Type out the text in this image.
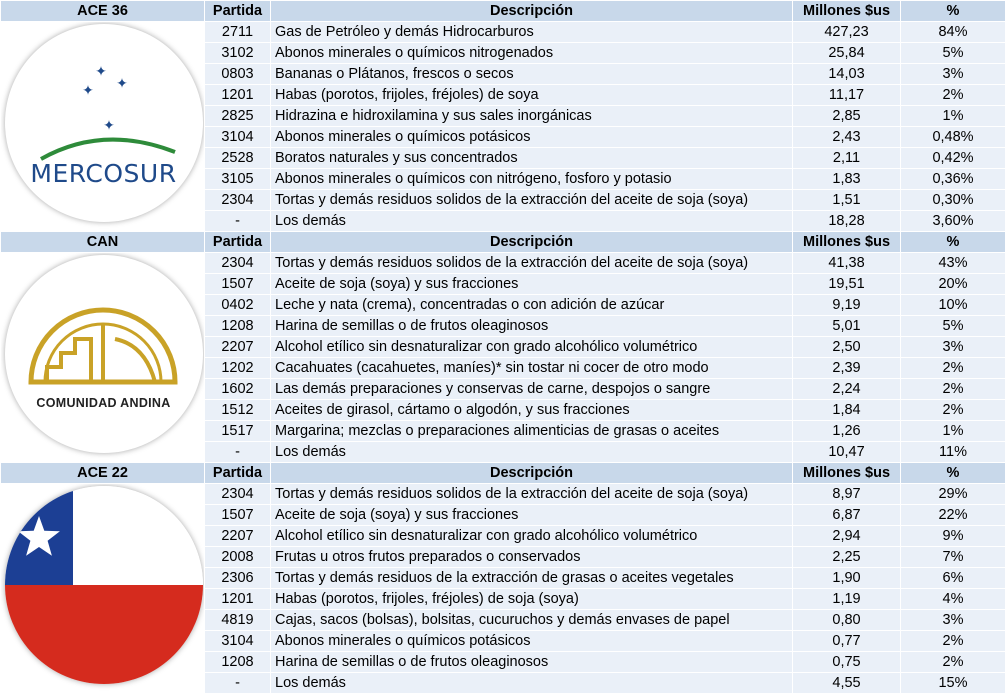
ACE 36	Partida	Descripción	Millones $us	%

✦
✦
✦
✦
MERCOSUR	2711	Gas de Petróleo y demás Hidrocarburos	427,23	84%
	3102	Abonos minerales o químicos nitrogenados	25,84	5%
	0803	Bananas o Plátanos, frescos o secos	14,03	3%
	1201	Habas (porotos, frijoles, fréjoles) de soya	11,17	2%
	2825	Hidrazina e hidroxilamina y sus sales inorgánicas	2,85	1%
	3104	Abonos minerales o químicos potásicos	2,43	0,48%
	2528	Boratos naturales y sus concentrados	2,11	0,42%
	3105	Abonos minerales o químicos con nitrógeno, fosforo y potasio	1,83	0,36%
	2304	Tortas y demás residuos solidos de la extracción del aceite de soja (soya)	1,51	0,30%
	-	Los demás	18,28	3,60%
CAN	Partida	Descripción	Millones $us	%

COMUNIDAD ANDINA	2304	Tortas y demás residuos solidos de la extracción del aceite de soja (soya)	41,38	43%
	1507	Aceite de soja (soya) y sus fracciones	19,51	20%
	0402	Leche y nata (crema), concentradas o con adición de azúcar	9,19	10%
	1208	Harina de semillas o de frutos oleaginosos	5,01	5%
	2207	Alcohol etílico sin desnaturalizar con grado alcohólico volumétrico	2,50	3%
	1202	Cacahuates (cacahuetes, maníes)* sin tostar ni cocer de otro modo	2,39	2%
	1602	Las demás preparaciones y conservas de carne, despojos o sangre	2,24	2%
	1512	Aceites de girasol, cártamo o algodón, y sus fracciones	1,84	2%
	1517	Margarina; mezclas o preparaciones alimenticias de grasas o aceites	1,26	1%
	-	Los demás	10,47	11%
ACE 22	Partida	Descripción	Millones $us	%

	2304	Tortas y demás residuos solidos de la extracción del aceite de soja (soya)	8,97	29%
	1507	Aceite de soja (soya) y sus fracciones	6,87	22%
	2207	Alcohol etílico sin desnaturalizar con grado alcohólico volumétrico	2,94	9%
	2008	Frutas u otros frutos preparados o conservados	2,25	7%
	2306	Tortas y demás residuos de la extracción de grasas o aceites vegetales	1,90	6%
	1201	Habas (porotos, frijoles, fréjoles) de soja (soya)	1,19	4%
	4819	Cajas, sacos (bolsas), bolsitas, cucuruchos y demás envases de papel	0,80	3%
	3104	Abonos minerales o químicos potásicos	0,77	2%
	1208	Harina de semillas o de frutos oleaginosos	0,75	2%
	-	Los demás	4,55	15%
